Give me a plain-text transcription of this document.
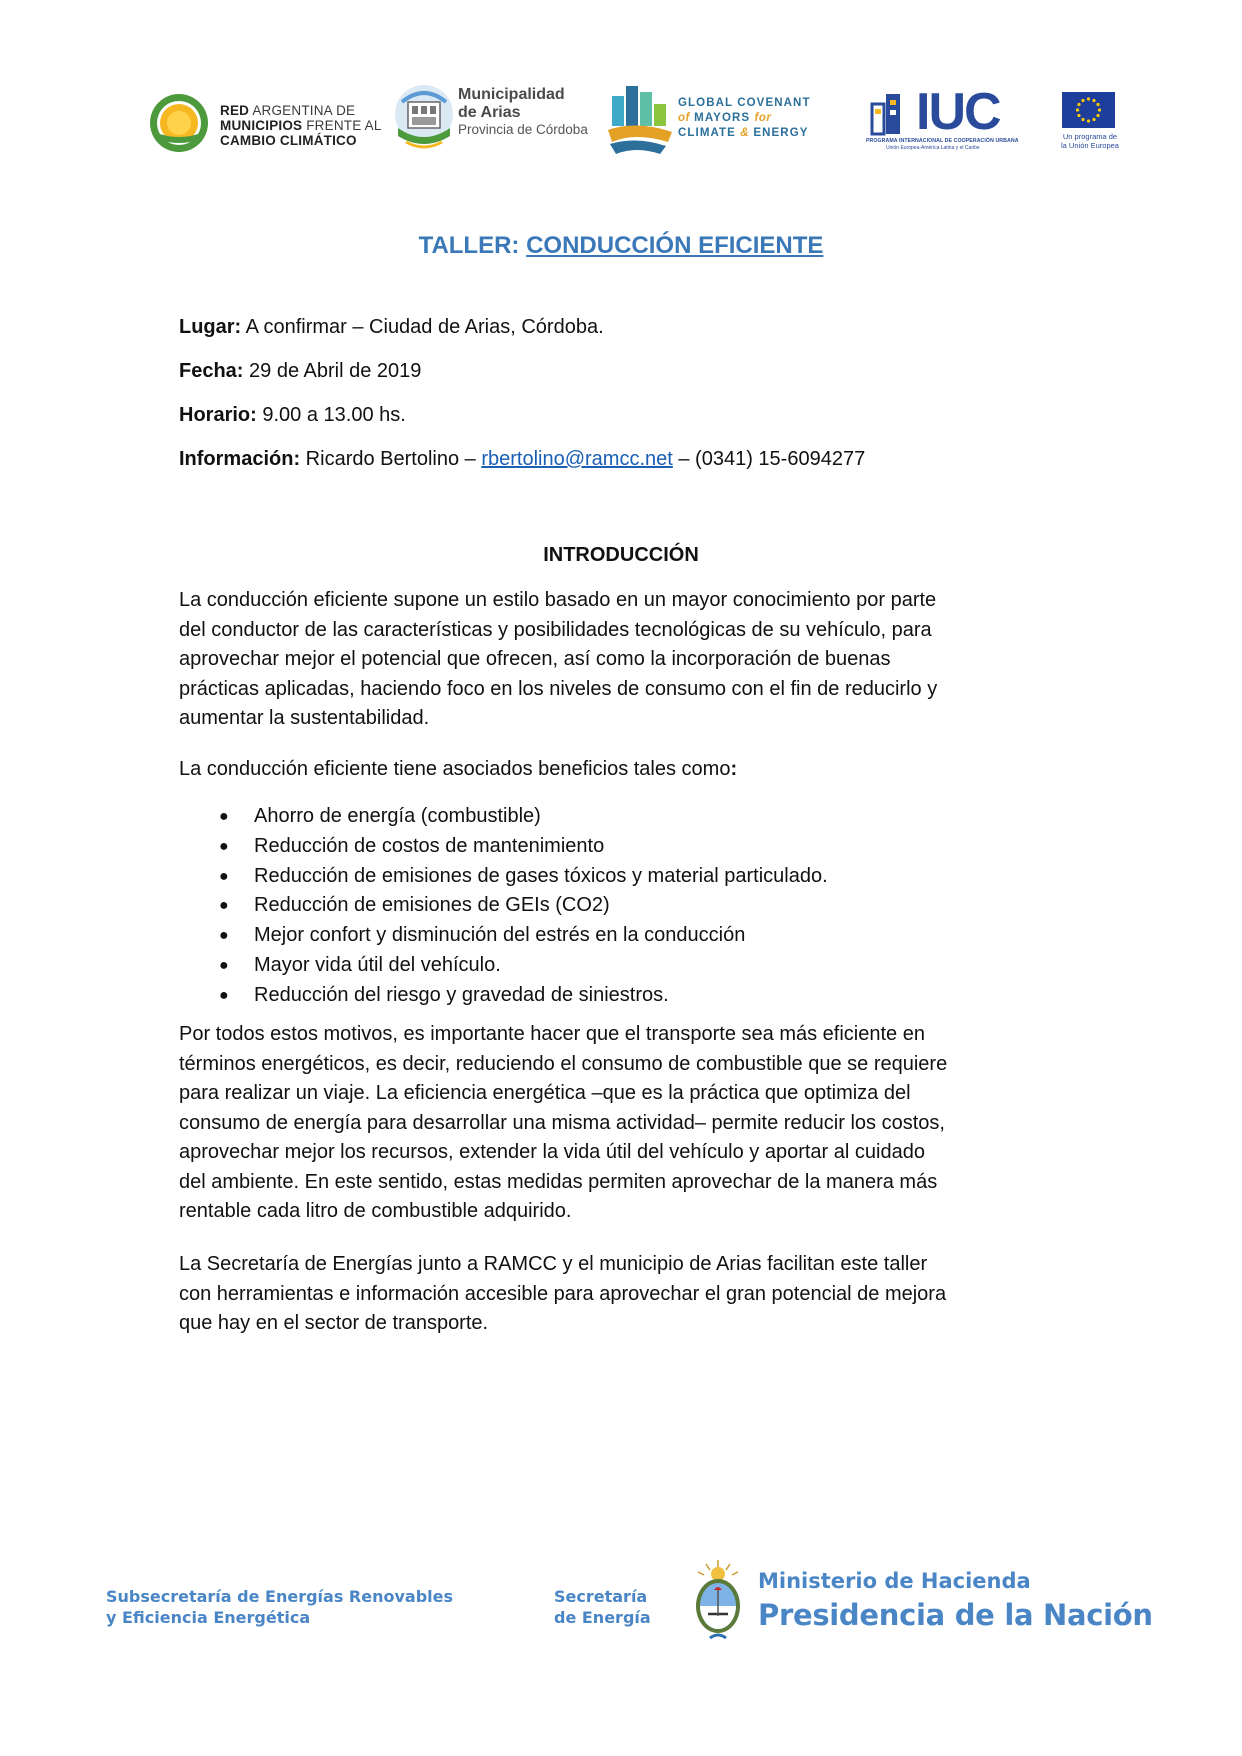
RED ARGENTINA DE
MUNICIPIOS FRENTE AL
CAMBIO CLIMÁTICO
Municipalidad
de Arias
Provincia de Córdoba
GLOBAL COVENANT
of MAYORS for
CLIMATE & ENERGY IUC
PROGRAMA INTERNACIONAL DE COOPERACIÓN URBANA
Unión Europea-América Latina y el Caribe
Un programa de
la Unión Europea
TALLER: CONDUCCIÓN EFICIENTE
Lugar: A confirmar – Ciudad de Arias, Córdoba.
Fecha: 29 de Abril de 2019
Horario: 9.00 a 13.00 hs.
Información: Ricardo Bertolino – rbertolino@ramcc.net – (0341) 15-6094277
INTRODUCCIÓN
La conducción eficiente supone un estilo basado en un mayor conocimiento por parte
del conductor de las características y posibilidades tecnológicas de su vehículo, para
aprovechar mejor el potencial que ofrecen, así como la incorporación de buenas
prácticas aplicadas, haciendo foco en los niveles de consumo con el fin de reducirlo y
aumentar la sustentabilidad.
La conducción eficiente tiene asociados beneficios tales como:
● Ahorro de energía (combustible)
● Reducción de costos de mantenimiento
● Reducción de emisiones de gases tóxicos y material particulado.
● Reducción de emisiones de GEIs (CO2)
● Mejor confort y disminución del estrés en la conducción
● Mayor vida útil del vehículo.
● Reducción del riesgo y gravedad de siniestros.
Por todos estos motivos, es importante hacer que el transporte sea más eficiente en
términos energéticos, es decir, reduciendo el consumo de combustible que se requiere
para realizar un viaje. La eficiencia energética –que es la práctica que optimiza del
consumo de energía para desarrollar una misma actividad– permite reducir los costos,
aprovechar mejor los recursos, extender la vida útil del vehículo y aportar al cuidado
del ambiente. En este sentido, estas medidas permiten aprovechar de la manera más
rentable cada litro de combustible adquirido.
La Secretaría de Energías junto a RAMCC y el municipio de Arias facilitan este taller
con herramientas e información accesible para aprovechar el gran potencial de mejora
que hay en el sector de transporte.
Subsecretaría de Energías Renovables
y Eficiencia Energética
Secretaría
de Energía
Ministerio de Hacienda
Presidencia de la Nación
